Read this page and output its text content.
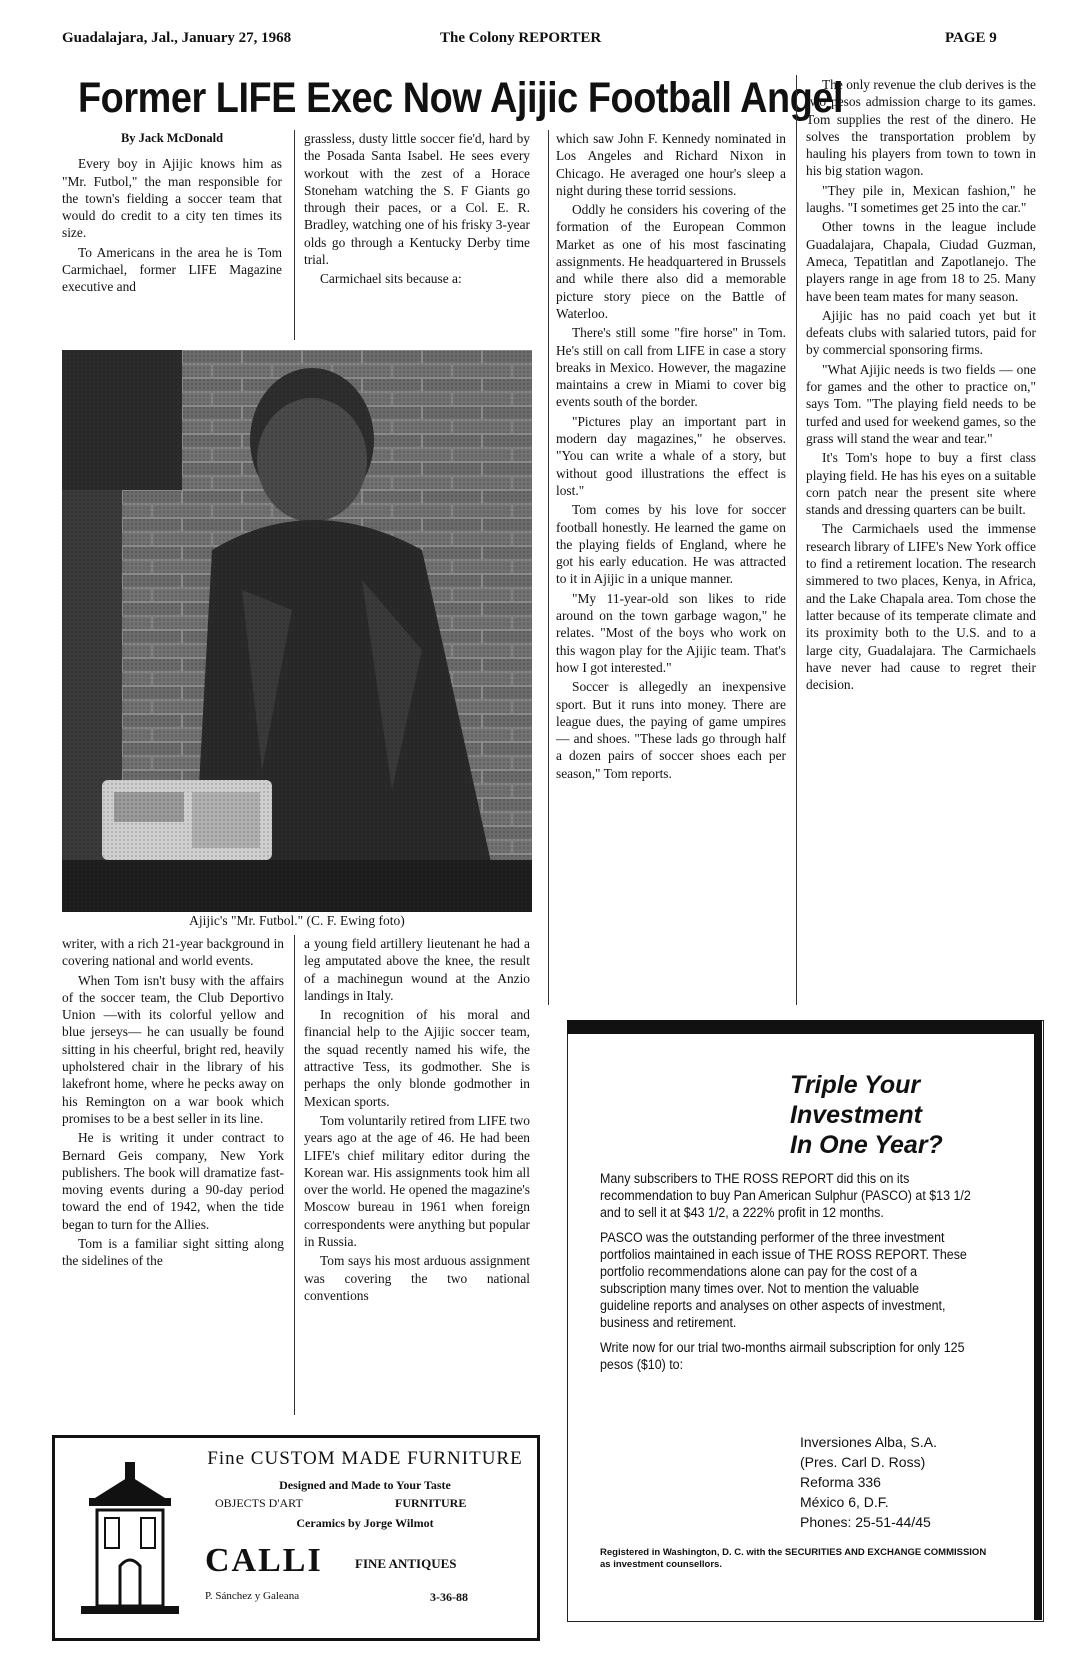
Guadalajara, Jal., January 27, 1968	The Colony REPORTER	PAGE 9
Former LIFE Exec Now Ajijic Football Angel

By Jack McDonald

Every boy in Ajijic knows him as "Mr. Futbol," the man responsible for the town's fielding a soccer team that would do credit to a city ten times its size.

To Americans in the area he is Tom Carmichael, former LIFE Magazine executive and

grassless, dusty little soccer fie'd, hard by the Posada Santa Isabel. He sees every workout with the zest of a Horace Stoneham watching the S. F Giants go through their paces, or a Col. E. R. Bradley, watching one of his frisky 3-year olds go through a Kentucky Derby time trial.

Carmichael sits because a:

Ajijic's "Mr. Futbol." (C. F. Ewing foto)

writer, with a rich 21-year background in covering national and world events.

When Tom isn't busy with the affairs of the soccer team, the Club Deportivo Union —with its colorful yellow and blue jerseys— he can usually be found sitting in his cheerful, bright red, heavily upholstered chair in the library of his lakefront home, where he pecks away on his Remington on a war book which promises to be a best seller in its line.

He is writing it under contract to Bernard Geis company, New York publishers. The book will dramatize fast-moving events during a 90-day period toward the end of 1942, when the tide began to turn for the Allies.

Tom is a familiar sight sitting along the sidelines of the

a young field artillery lieutenant he had a leg amputated above the knee, the result of a machinegun wound at the Anzio landings in Italy.

In recognition of his moral and financial help to the Ajijic soccer team, the squad recently named his wife, the attractive Tess, its godmother. She is perhaps the only blonde godmother in Mexican sports.

Tom voluntarily retired from LIFE two years ago at the age of 46. He had been LIFE's chief military editor during the Korean war. His assignments took him all over the world. He opened the magazine's Moscow bureau in 1961 when foreign correspondents were anything but popular in Russia.

Tom says his most arduous assignment was covering the two national conventions

which saw John F. Kennedy nominated in Los Angeles and Richard Nixon in Chicago. He averaged one hour's sleep a night during these torrid sessions.

Oddly he considers his covering of the formation of the European Common Market as one of his most fascinating assignments. He headquartered in Brussels and while there also did a memorable picture story piece on the Battle of Waterloo.

There's still some "fire horse" in Tom. He's still on call from LIFE in case a story breaks in Mexico. However, the magazine maintains a crew in Miami to cover big events south of the border.

"Pictures play an important part in modern day magazines," he observes. "You can write a whale of a story, but without good illustrations the effect is lost."

Tom comes by his love for soccer football honestly. He learned the game on the playing fields of England, where he got his early education. He was attracted to it in Ajijic in a unique manner.

"My 11-year-old son likes to ride around on the town garbage wagon," he relates. "Most of the boys who work on this wagon play for the Ajijic team. That's how I got interested."

Soccer is allegedly an inexpensive sport. But it runs into money. There are league dues, the paying of game umpires — and shoes. "These lads go through half a dozen pairs of soccer shoes each per season," Tom reports.

The only revenue the club derives is the two pesos admission charge to its games. Tom supplies the rest of the dinero. He solves the transportation problem by hauling his players from town to town in his big station wagon.

"They pile in, Mexican fashion," he laughs. "I sometimes get 25 into the car."

Other towns in the league include Guadalajara, Chapala, Ciudad Guzman, Ameca, Tepatitlan and Zapotlanejo. The players range in age from 18 to 25. Many have been team mates for many season.

Ajijic has no paid coach yet but it defeats clubs with salaried tutors, paid for by commercial sponsoring firms.

"What Ajijic needs is two fields — one for games and the other to practice on," says Tom. "The playing field needs to be turfed and used for weekend games, so the grass will stand the wear and tear."

It's Tom's hope to buy a first class playing field. He has his eyes on a suitable corn patch near the present site where stands and dressing quarters can be built.

The Carmichaels used the immense research library of LIFE's New York office to find a retirement location. The research simmered to two places, Kenya, in Africa, and the Lake Chapala area. Tom chose the latter because of its temperate climate and its proximity both to the U.S. and to a large city, Guadalajara. The Carmichaels have never had cause to regret their decision.

Fine CUSTOM MADE FURNITURE
Designed and Made to Your Taste
OBJECTS D'ART	FURNITURE
Ceramics by Jorge Wilmot
CALLI FINE ANTIQUES
P. Sánchez y Galeana	3-36-88
Triple Your
Investment
In One Year?

Many subscribers to THE ROSS REPORT did this on its recommendation to buy Pan American Sulphur (PASCO) at $13 1/2 and to sell it at $43 1/2, a 222% profit in 12 months.

PASCO was the outstanding performer of the three investment portfolios maintained in each issue of THE ROSS REPORT. These portfolio recommendations alone can pay for the cost of a subscription many times over. Not to mention the valuable guideline reports and analyses on other aspects of investment, business and retirement.

Write now for our trial two-months airmail subscription for only 125 pesos ($10) to:

Inversiones Alba, S.A.
(Pres. Carl D. Ross)
Reforma 336
México 6, D.F.
Phones: 25-51-44/45
Registered in Washington, D. C. with the SECURITIES AND EXCHANGE COMMISSION as investment counsellors.
